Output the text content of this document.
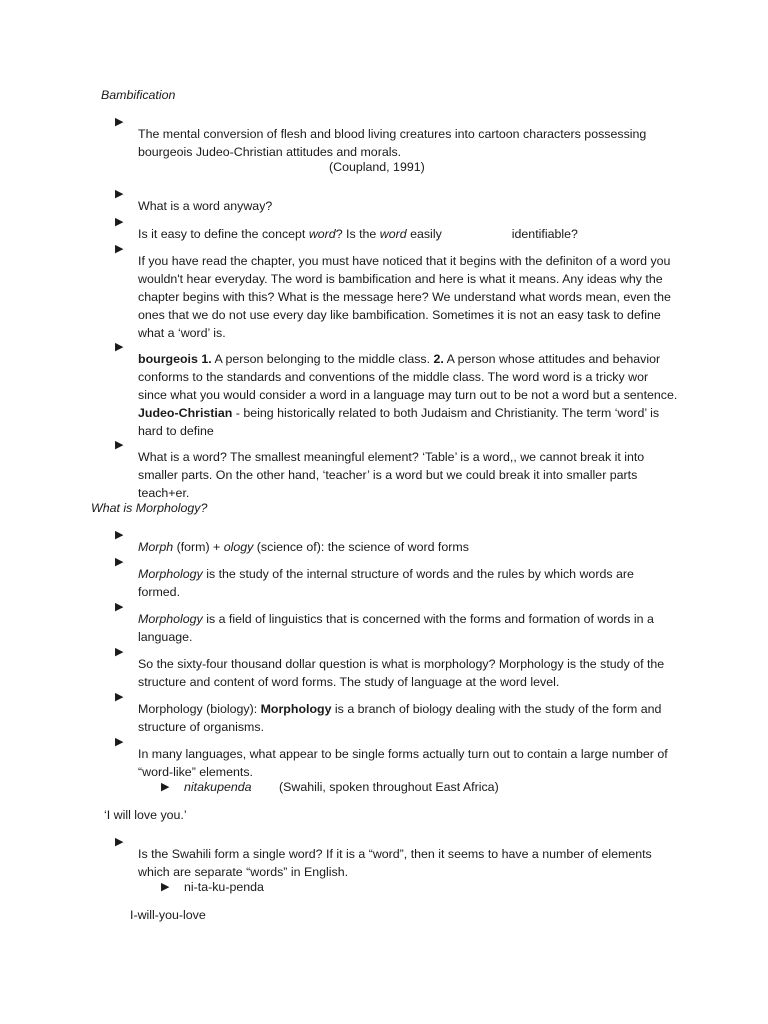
Bambification
▶

The mental conversion of flesh and blood living creatures into cartoon characters possessing bourgeois Judeo-Christian attitudes and morals.

(Coupland, 1991)
▶

What is a word anyway?

▶

Is it easy to define the concept word? Is the word easily	identifiable?

▶

If you have read the chapter, you must have noticed that it begins with the definiton of a word you wouldn't hear everyday. The word is bambification and here is what it means. Any ideas why the chapter begins with this? What is the message here? We understand what words mean, even the ones that we do not use every day like bambification. Sometimes it is not an easy task to define what a ‘word’ is.

▶

bourgeois 1. A person belonging to the middle class. 2. A person whose attitudes and behavior conforms to the standards and conventions of the middle class. The word word is a tricky wor since what you would consider a word in a language may turn out to be not a word but a sentence. Judeo-Christian - being historically related to both Judaism and Christianity. The term ‘word’ is hard to define

▶

What is a word? The smallest meaningful element? ‘Table’ is a word,, we cannot break it into smaller parts. On the other hand, ‘teacher’ is a word but we could break it into smaller parts teach+er.

What is Morphology?
▶

Morph (form) + ology (science of): the science of word forms

▶

Morphology is the study of the internal structure of words and the rules by which words are formed.

▶

Morphology is a field of linguistics that is concerned with the forms and formation of words in a language.

▶

So the sixty-four thousand dollar question is what is morphology? Morphology is the study of the structure and content of word forms. The study of language at the word level.

▶

Morphology (biology): Morphology is a branch of biology dealing with the study of the form and structure of organisms.

▶

In many languages, what appear to be single forms actually turn out to contain a large number of “word-like” elements.

▶ nitakupenda (Swahili, spoken throughout East Africa)
‘I will love you.’
▶

Is the Swahili form a single word? If it is a “word”, then it seems to have a number of elements which are separate “words” in English.

▶ ni-ta-ku-penda
I-will-you-love
